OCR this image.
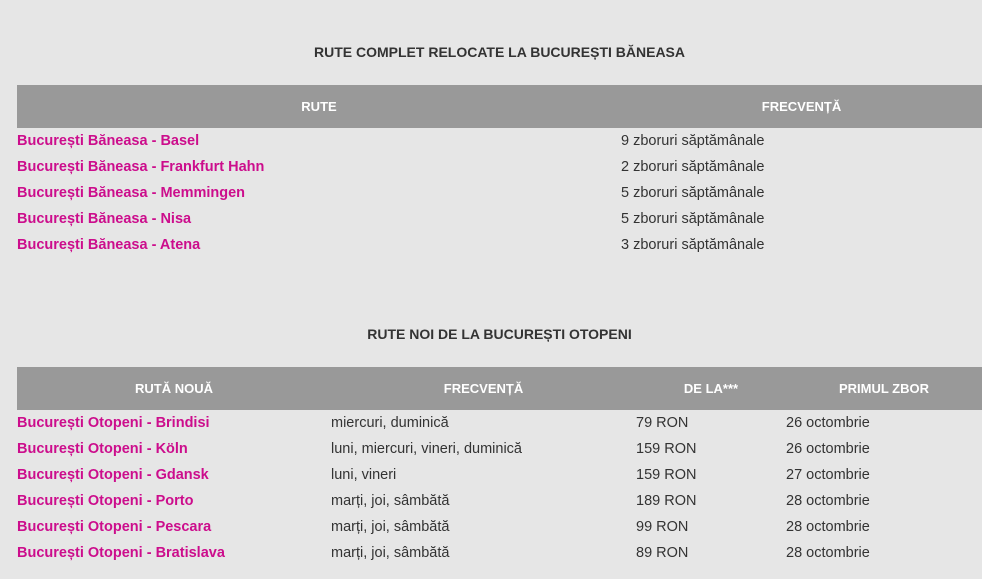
RUTE COMPLET RELOCATE LA BUCUREȘTI BĂNEASA
RUTE	FRECVENȚĂ
București Băneasa - Basel	9 zboruri săptămânale
București Băneasa - Frankfurt Hahn	2 zboruri săptămânale
București Băneasa - Memmingen	5 zboruri săptămânale
București Băneasa - Nisa	5 zboruri săptămânale
București Băneasa - Atena	3 zboruri săptămânale
RUTE NOI DE LA BUCUREȘTI OTOPENI
RUTĂ NOUĂ	FRECVENȚĂ	DE LA***	PRIMUL ZBOR
București Otopeni - Brindisi	miercuri, duminică	79 RON	26 octombrie
București Otopeni - Köln	luni, miercuri, vineri, duminică	159 RON	26 octombrie
București Otopeni - Gdansk	luni, vineri	159 RON	27 octombrie
București Otopeni - Porto	marți, joi, sâmbătă	189 RON	28 octombrie
București Otopeni - Pescara	marți, joi, sâmbătă	99 RON	28 octombrie
București Otopeni - Bratislava	marți, joi, sâmbătă	89 RON	28 octombrie
